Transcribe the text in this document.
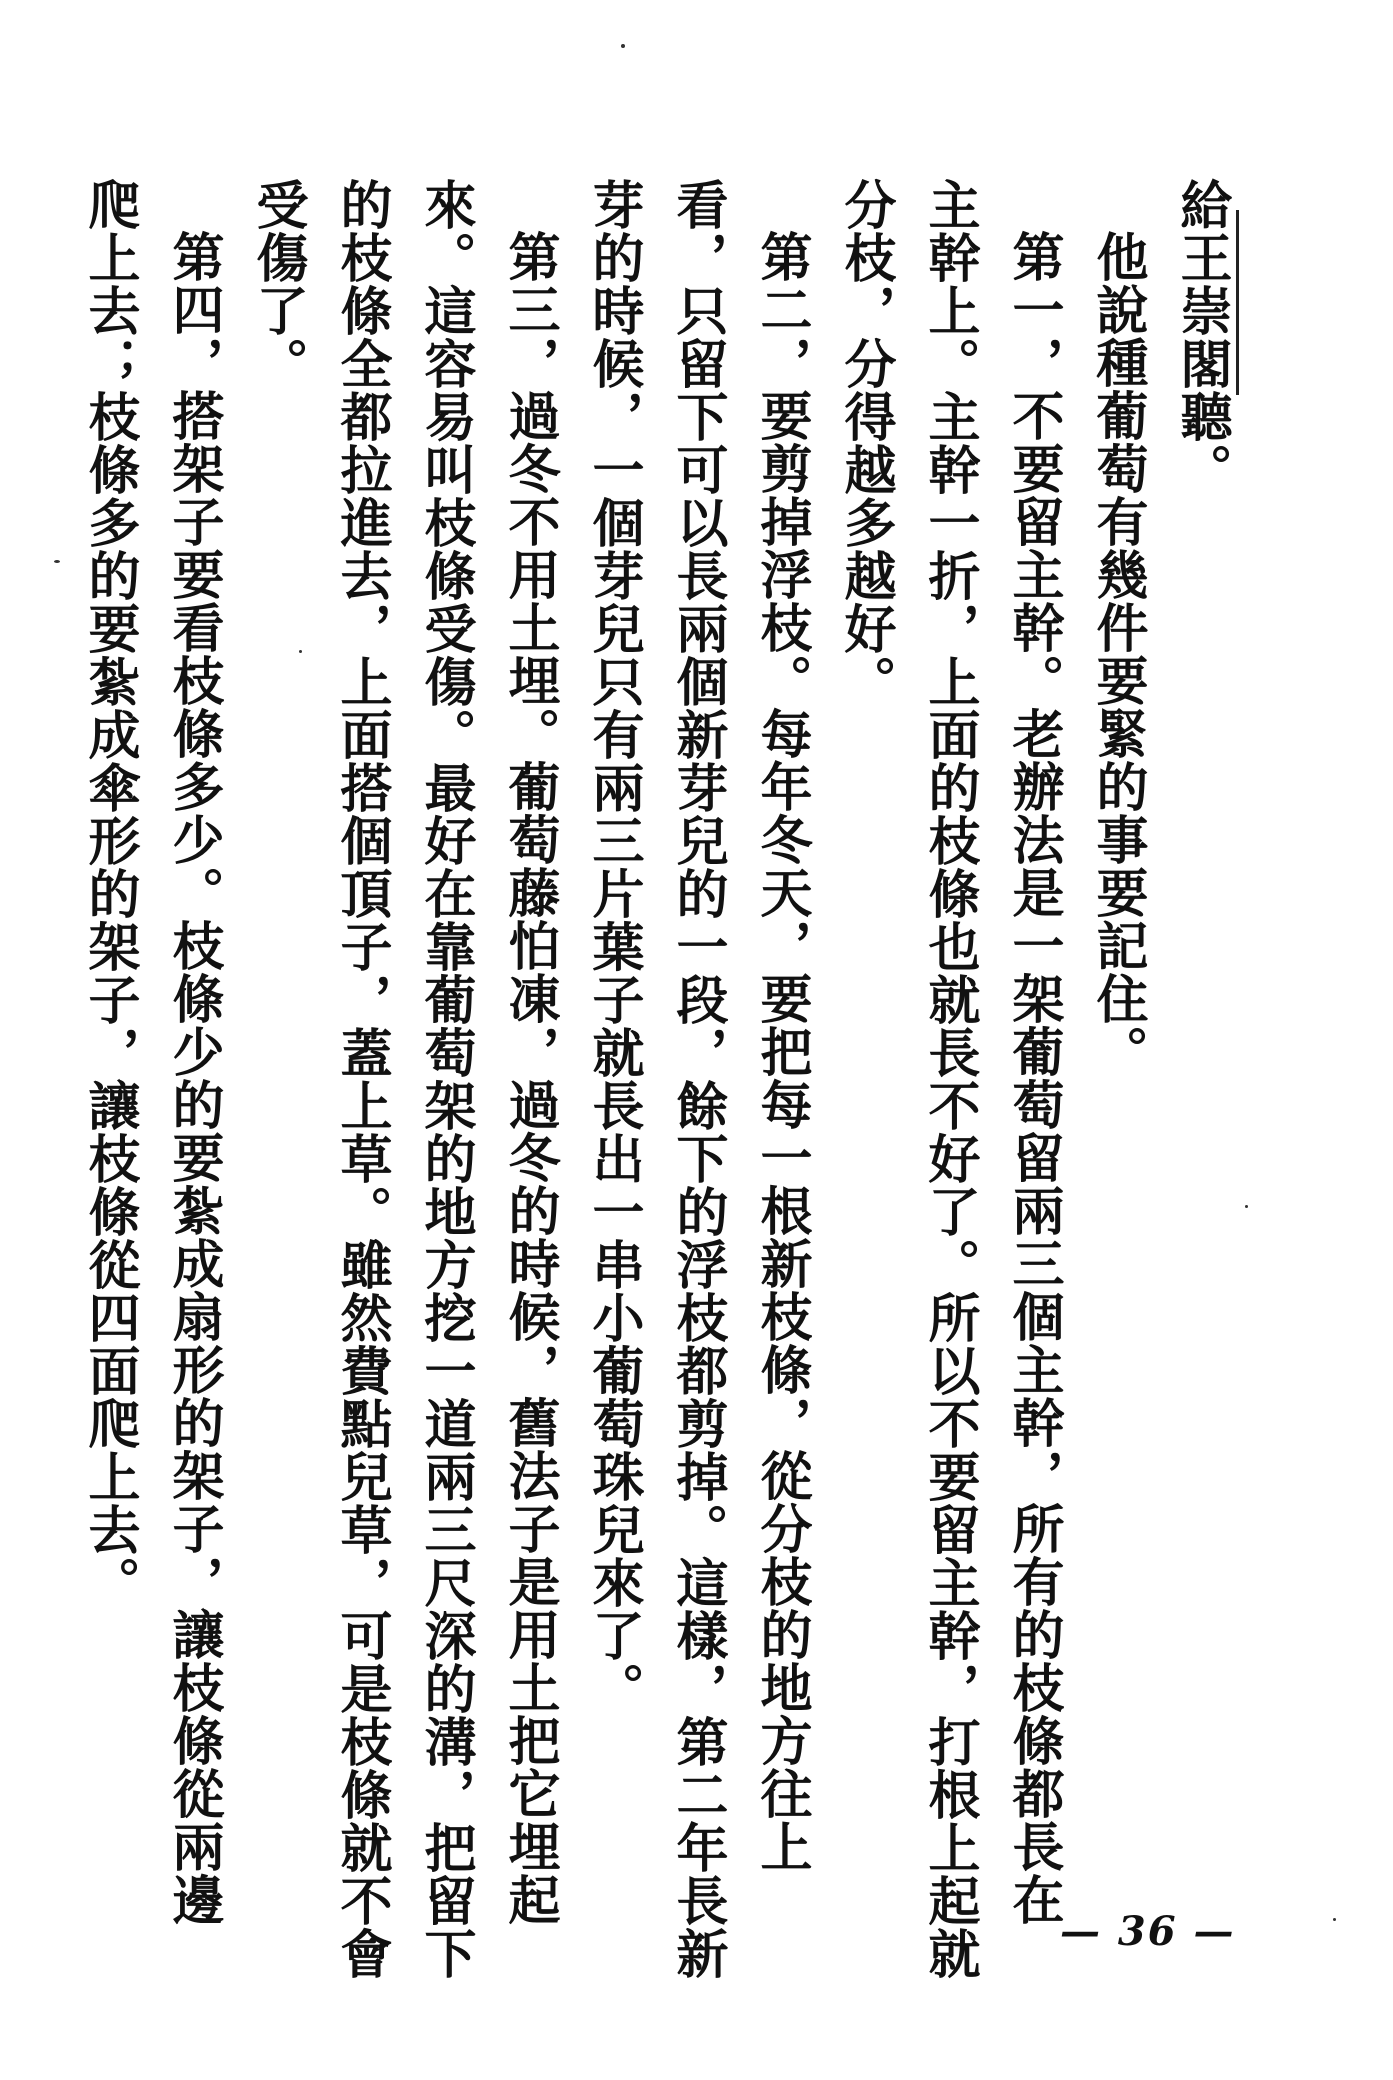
給王崇閣聽。

他說種葡萄有幾件要緊的事要記住。

第一，不要留主幹。老辦法是一架葡萄留兩三個主幹，所有的枝條都長在

主幹上。主幹一折，上面的枝條也就長不好了。所以不要留主幹，打根上起就

分枝，分得越多越好。

第二，要剪掉浮枝。每年冬天，要把每一根新枝條，從分枝的地方往上

看，只留下可以長兩個新芽兒的一段，餘下的浮枝都剪掉。這樣，第二年長新

芽的時候，一個芽兒只有兩三片葉子就長出一串小葡萄珠兒來了。

第三，過冬不用土埋。葡萄藤怕凍，過冬的時候，舊法子是用土把它埋起

來。這容易叫枝條受傷。最好在靠葡萄架的地方挖一道兩三尺深的溝，把留下

的枝條全都拉進去，上面搭個頂子，蓋上草。雖然費點兒草，可是枝條就不會

受傷了。

第四，搭架子要看枝條多少。枝條少的要紮成扇形的架子，讓枝條從兩邊

爬上去；枝條多的要紮成傘形的架子，讓枝條從四面爬上去。

— 36 —
